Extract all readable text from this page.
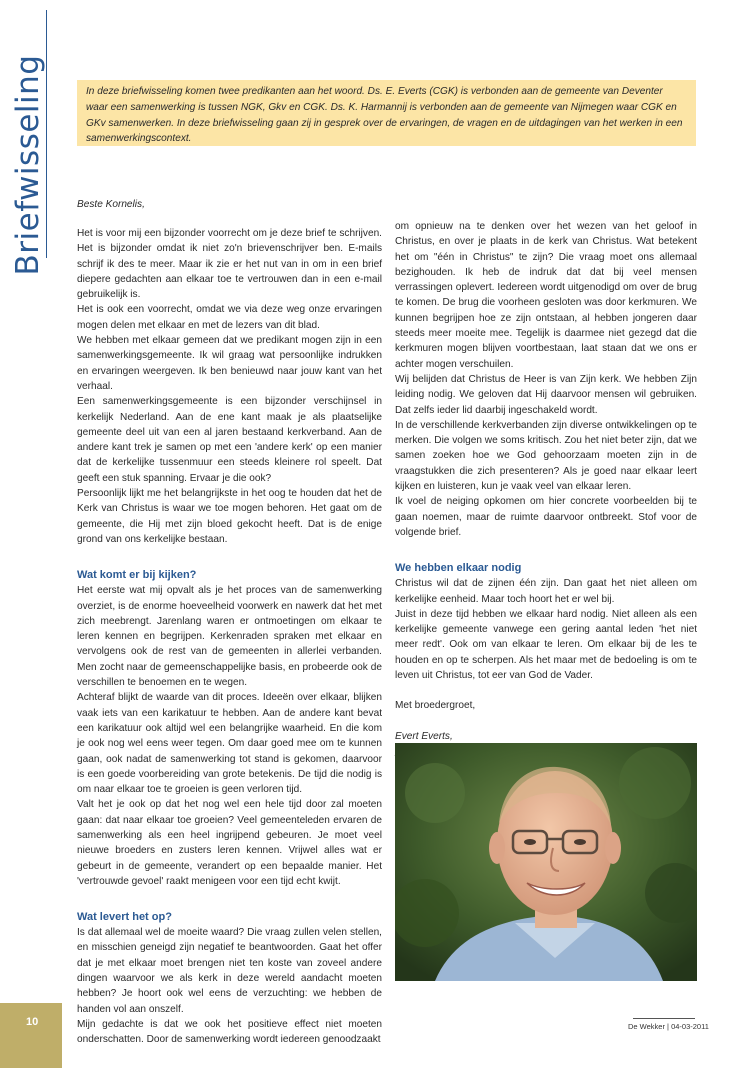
Briefwisseling	In deze briefwisseling komen twee predikanten aan het woord. Ds. E. Everts (CGK) is verbonden aan de gemeente van Deventer waar een samenwerking is tussen NGK, Gkv en CGK. Ds. K. Harmannij is verbonden aan de gemeente van Nijmegen waar CGK en GKv samenwerken. In deze briefwisseling gaan zij in gesprek over de ervaringen, de vragen en de uitdagingen van het werken in een samenwerkingscontext.
Beste Kornelis,

Het is voor mij een bijzonder voorrecht om je deze brief te schrijven. Het is bijzonder omdat ik niet zo'n brievenschrijver ben. E-mails schrijf ik des te meer. Maar ik zie er het nut van in om in een brief diepere gedachten aan elkaar toe te vertrouwen dan in een e-mail gebruikelijk is.

Het is ook een voorrecht, omdat we via deze weg onze ervaringen mogen delen met elkaar en met de lezers van dit blad.

We hebben met elkaar gemeen dat we predikant mogen zijn in een samenwerkingsgemeente. Ik wil graag wat persoonlijke indrukken en ervaringen weergeven. Ik ben benieuwd naar jouw kant van het verhaal.

Een samenwerkingsgemeente is een bijzonder verschijnsel in kerkelijk Nederland. Aan de ene kant maak je als plaatselijke gemeente deel uit van een al jaren bestaand kerkverband. Aan de andere kant trek je samen op met een 'andere kerk' op een manier dat de kerkelijke tussenmuur een steeds kleinere rol speelt. Dat geeft een stuk spanning. Ervaar je die ook?

Persoonlijk lijkt me het belangrijkste in het oog te houden dat het de Kerk van Christus is waar we toe mogen behoren. Het gaat om de gemeente, die Hij met zijn bloed gekocht heeft. Dat is de enige grond van ons kerkelijke bestaan.

Wat komt er bij kijken?

Het eerste wat mij opvalt als je het proces van de samenwerking overziet, is de enorme hoeveelheid voorwerk en nawerk dat het met zich meebrengt. Jarenlang waren er ontmoetingen om elkaar te leren kennen en begrijpen. Kerkenraden spraken met elkaar en vervolgens ook de rest van de gemeenten in allerlei verbanden. Men zocht naar de gemeenschappelijke basis, en probeerde ook de verschillen te benoemen en te wegen.

Achteraf blijkt de waarde van dit proces. Ideeën over elkaar, blijken vaak iets van een karikatuur te hebben. Aan de andere kant bevat een karikatuur ook altijd wel een belangrijke waarheid. En die kom je ook nog wel eens weer tegen. Om daar goed mee om te kunnen gaan, ook nadat de samenwerking tot stand is gekomen, daarvoor is een goede voorbereiding van grote betekenis. De tijd die nodig is om naar elkaar toe te groeien is geen verloren tijd.

Valt het je ook op dat het nog wel een hele tijd door zal moeten gaan: dat naar elkaar toe groeien? Veel gemeenteleden ervaren de samenwerking als een heel ingrijpend gebeuren. Je moet veel nieuwe broeders en zusters leren kennen. Vrijwel alles wat er gebeurt in de gemeente, verandert op een bepaalde manier. Het 'vertrouwde gevoel' raakt menigeen voor een tijd echt kwijt.

Wat levert het op?

Is dat allemaal wel de moeite waard? Die vraag zullen velen stellen, en misschien geneigd zijn negatief te beantwoorden. Gaat het offer dat je met elkaar moet brengen niet ten koste van zoveel andere dingen waarvoor we als kerk in deze wereld aandacht moeten hebben? Je hoort ook wel eens de verzuchting: we hebben de handen vol aan onszelf.

Mijn gedachte is dat we ook het positieve effect niet moeten onderschatten. Door de samenwerking wordt iedereen genoodzaakt

om opnieuw na te denken over het wezen van het geloof in Christus, en over je plaats in de kerk van Christus. Wat betekent het om "één in Christus" te zijn? Die vraag moet ons allemaal bezighouden. Ik heb de indruk dat dat bij veel mensen verrassingen oplevert. Iedereen wordt uitgenodigd om over de brug te komen. De brug die voorheen gesloten was door kerkmuren. We kunnen begrijpen hoe ze zijn ontstaan, al hebben jongeren daar steeds meer moeite mee. Tegelijk is daarmee niet gezegd dat die kerkmuren mogen blijven voortbestaan, laat staan dat we ons er achter mogen verschuilen.

Wij belijden dat Christus de Heer is van Zijn kerk. We hebben Zijn leiding nodig. We geloven dat Hij daarvoor mensen wil gebruiken. Dat zelfs ieder lid daarbij ingeschakeld wordt.

In de verschillende kerkverbanden zijn diverse ontwikkelingen op te merken. Die volgen we soms kritisch. Zou het niet beter zijn, dat we samen zoeken hoe we God gehoorzaam moeten zijn in de vraagstukken die zich presenteren? Als je goed naar elkaar leert kijken en luisteren, kun je vaak veel van elkaar leren.

Ik voel de neiging opkomen om hier concrete voorbeelden bij te gaan noemen, maar de ruimte daarvoor ontbreekt. Stof voor de volgende brief.

We hebben elkaar nodig

Christus wil dat de zijnen één zijn. Dan gaat het niet alleen om kerkelijke eenheid. Maar toch hoort het er wel bij.

Juist in deze tijd hebben we elkaar hard nodig. Niet alleen als een kerkelijke gemeente vanwege een gering aantal leden 'het niet meer redt'. Ook om van elkaar te leren. Om elkaar bij de les te houden en op te scherpen. Als het maar met de bedoeling is om te leven uit Christus, tot eer van God de Vader.

Met broedergroet,

Evert Everts,

10	De Wekker | 04-03-2011
